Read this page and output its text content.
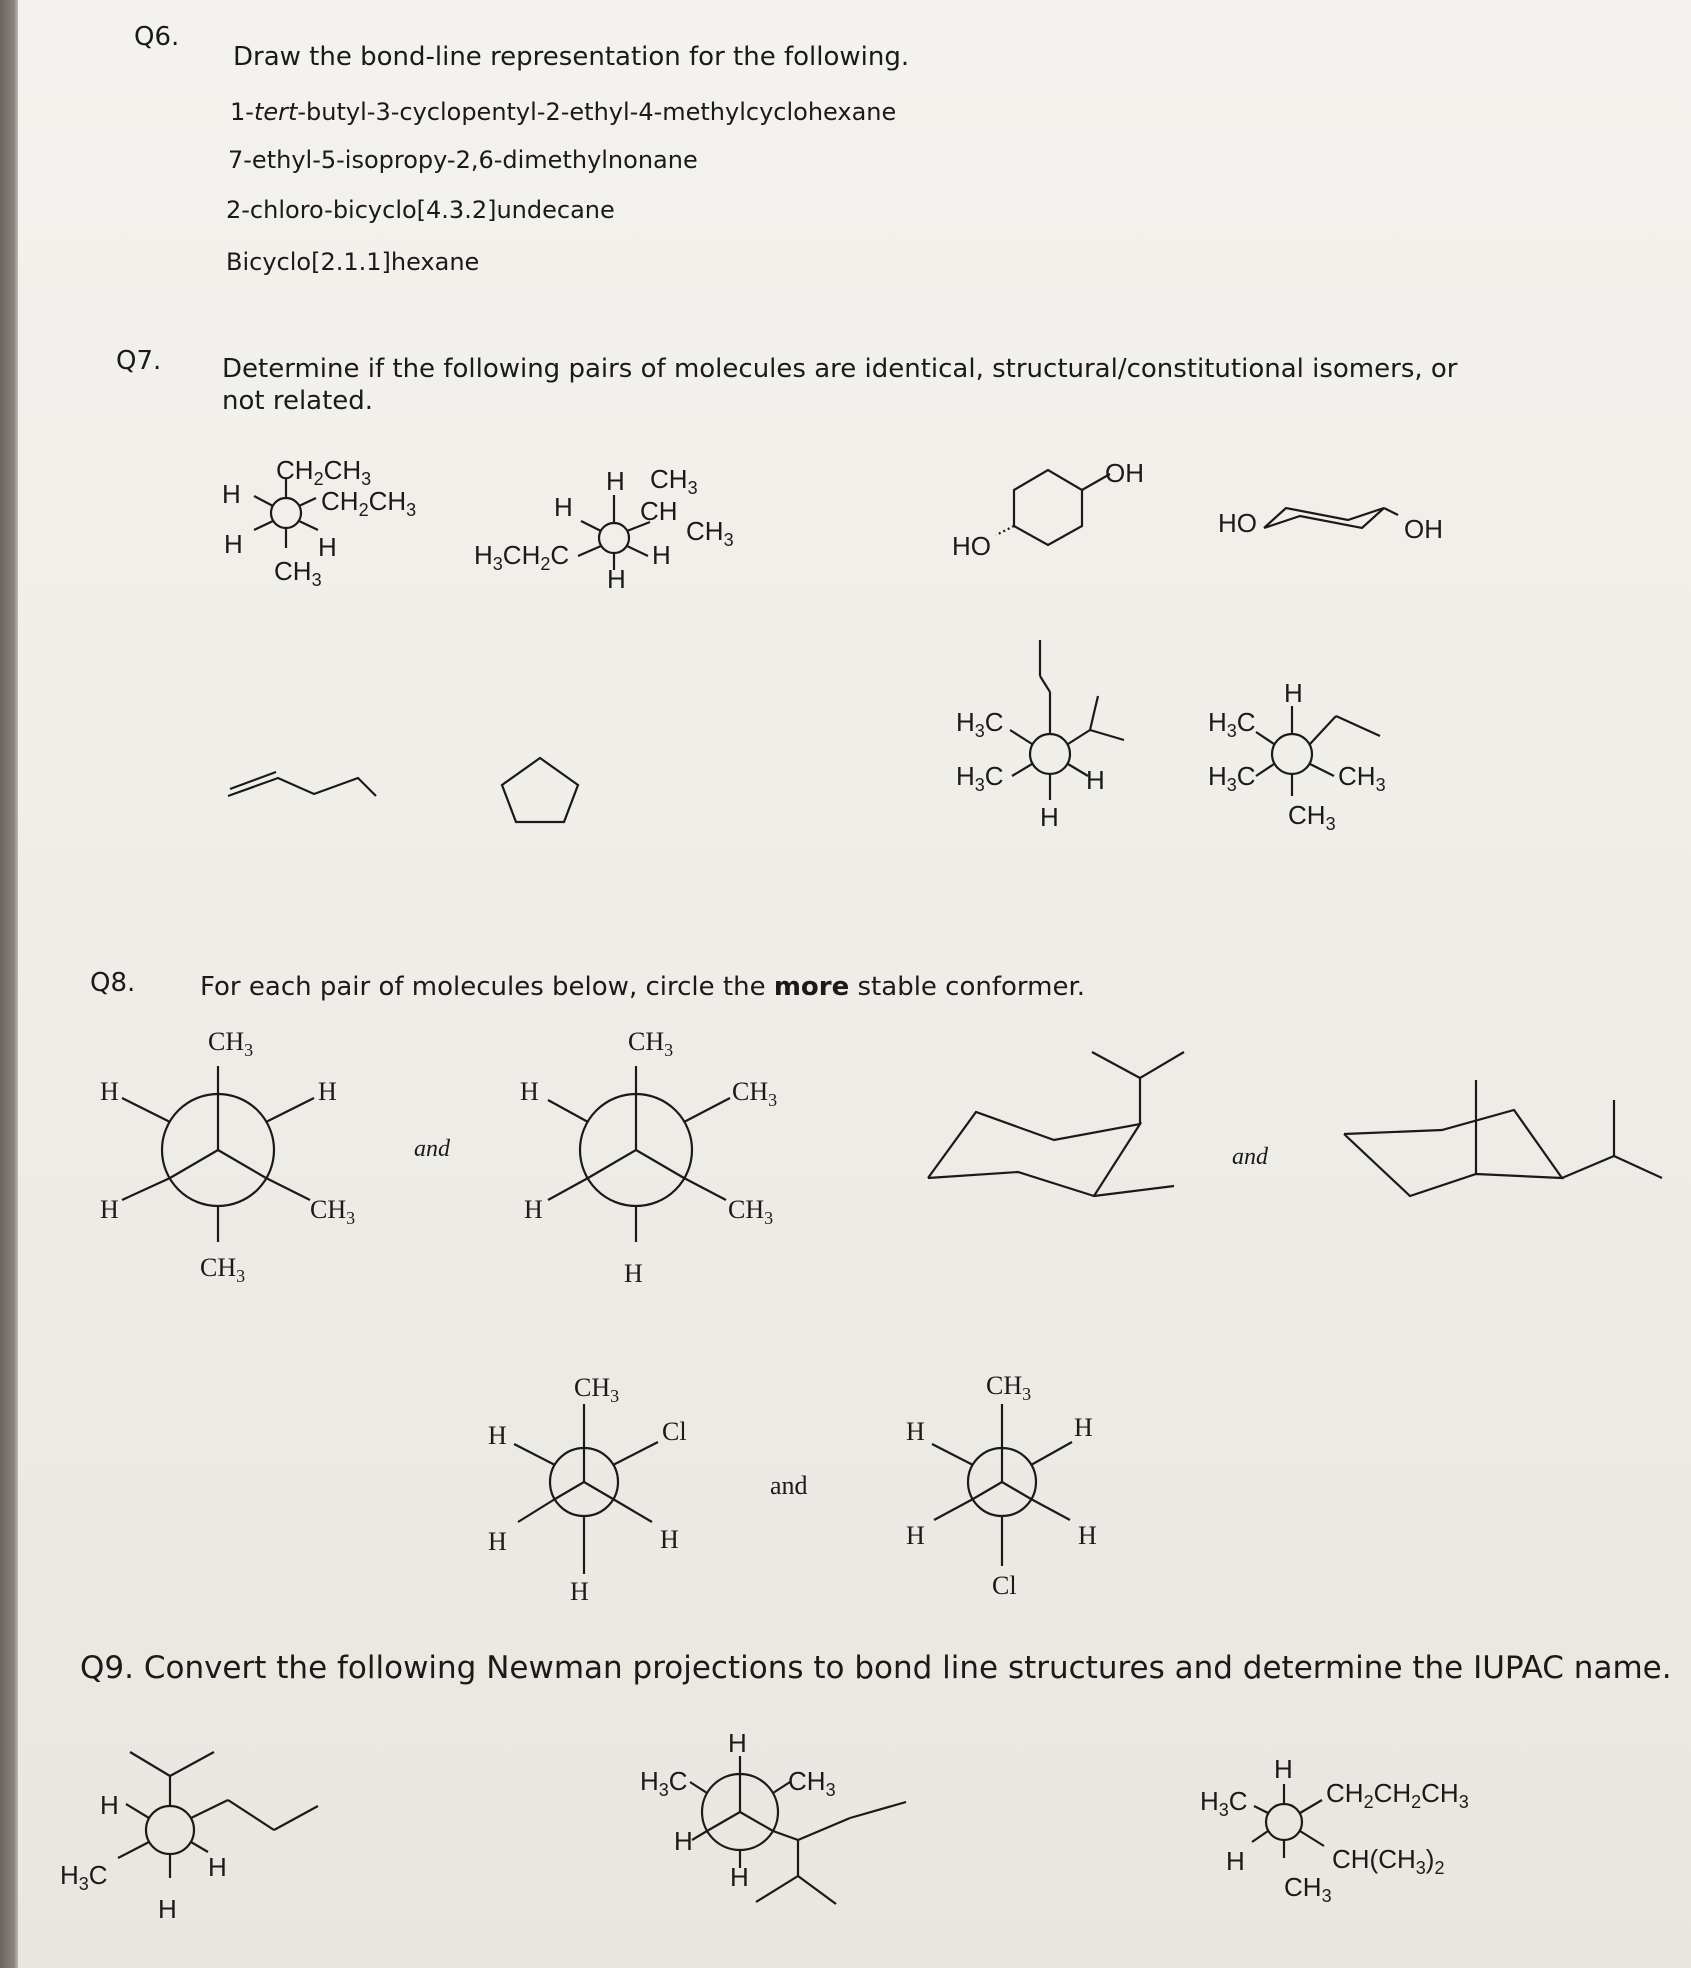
Q6.
Draw the bond-line representation for the following.
1-tert-butyl-3-cyclopentyl-2-ethyl-4-methylcyclohexane
7-ethyl-5-isopropy-2,6-dimethylnonane
2-chloro-bicyclo[4.3.2]undecane
Bicyclo[2.1.1]hexane
Q7. Determine if the following pairs of molecules are identical, structural/constitutional isomers, or
not related.
Q8. For each pair of molecules below, circle the more stable conformer.
Q9. Convert the following Newman projections to bond line structures and determine the IUPAC name.
$CH_2CH_3$
$CH_2CH_3$
H
H	H
$CH_3$
H $CH_3$
CH
$CH_3$
H
$H_3CH_2C$	H
H
OH
HO
HO	OH
$H_3C$
$H_3C$	H
H
H
$H_3C$
$H_3C$	$CH_3$
$CH_3$
$CH_3$
H	H
H	$CH_3$
$CH_3$
and
$CH_3$
H	$CH_3$
H	$CH_3$
H
and
$CH_3$
H	Cl
H	H
H
and
$CH_3$
H	H
H	H
Cl
H
$H_3C$	H
H
H
$H_3C$	$CH_3$
H
H
H
$H_3C$	$CH_2CH_2CH_3$
H	$CH(CH_3)_2$
$CH_3$
